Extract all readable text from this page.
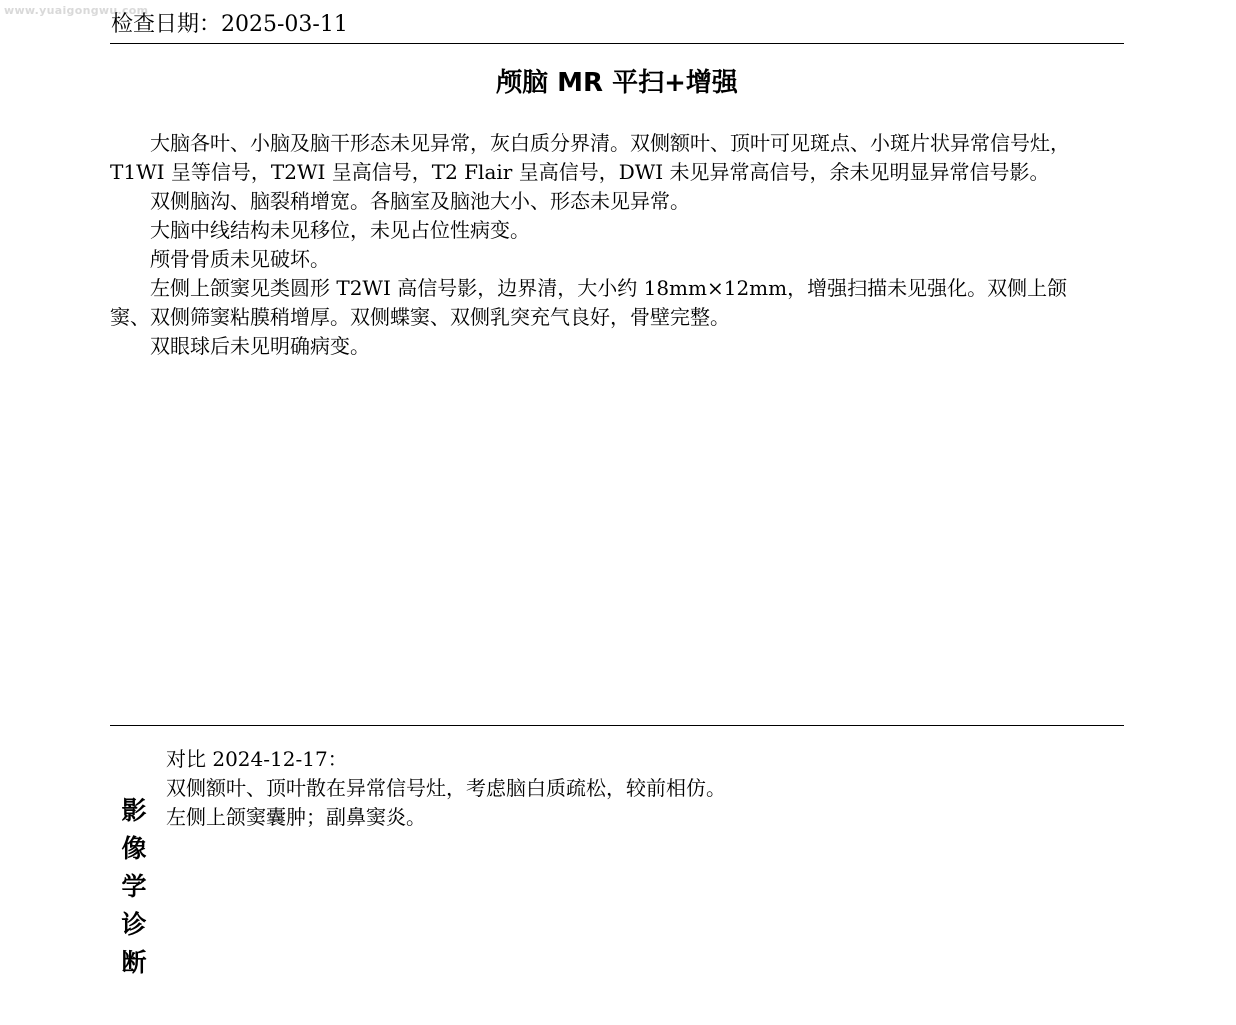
www.yuaigongwu.com
检查日期：2025-03-11
颅脑 MR 平扫+增强

大脑各叶、小脑及脑干形态未见异常，灰白质分界清。双侧额叶、顶叶可见斑点、小斑片状异常信号灶，T1WI 呈等信号，T2WI 呈高信号，T2 Flair 呈高信号，DWI 未见异常高信号，余未见明显异常信号影。

双侧脑沟、脑裂稍增宽。各脑室及脑池大小、形态未见异常。

大脑中线结构未见移位，未见占位性病变。

颅骨骨质未见破坏。

左侧上颌窦见类圆形 T2WI 高信号影，边界清，大小约 18mm×12mm，增强扫描未见强化。双侧上颌窦、双侧筛窦粘膜稍增厚。双侧蝶窦、双侧乳突充气良好，骨壁完整。

双眼球后未见明确病变。

影
像
学
诊
断

对比 2024-12-17：

双侧额叶、顶叶散在异常信号灶，考虑脑白质疏松，较前相仿。

左侧上颌窦囊肿；副鼻窦炎。
